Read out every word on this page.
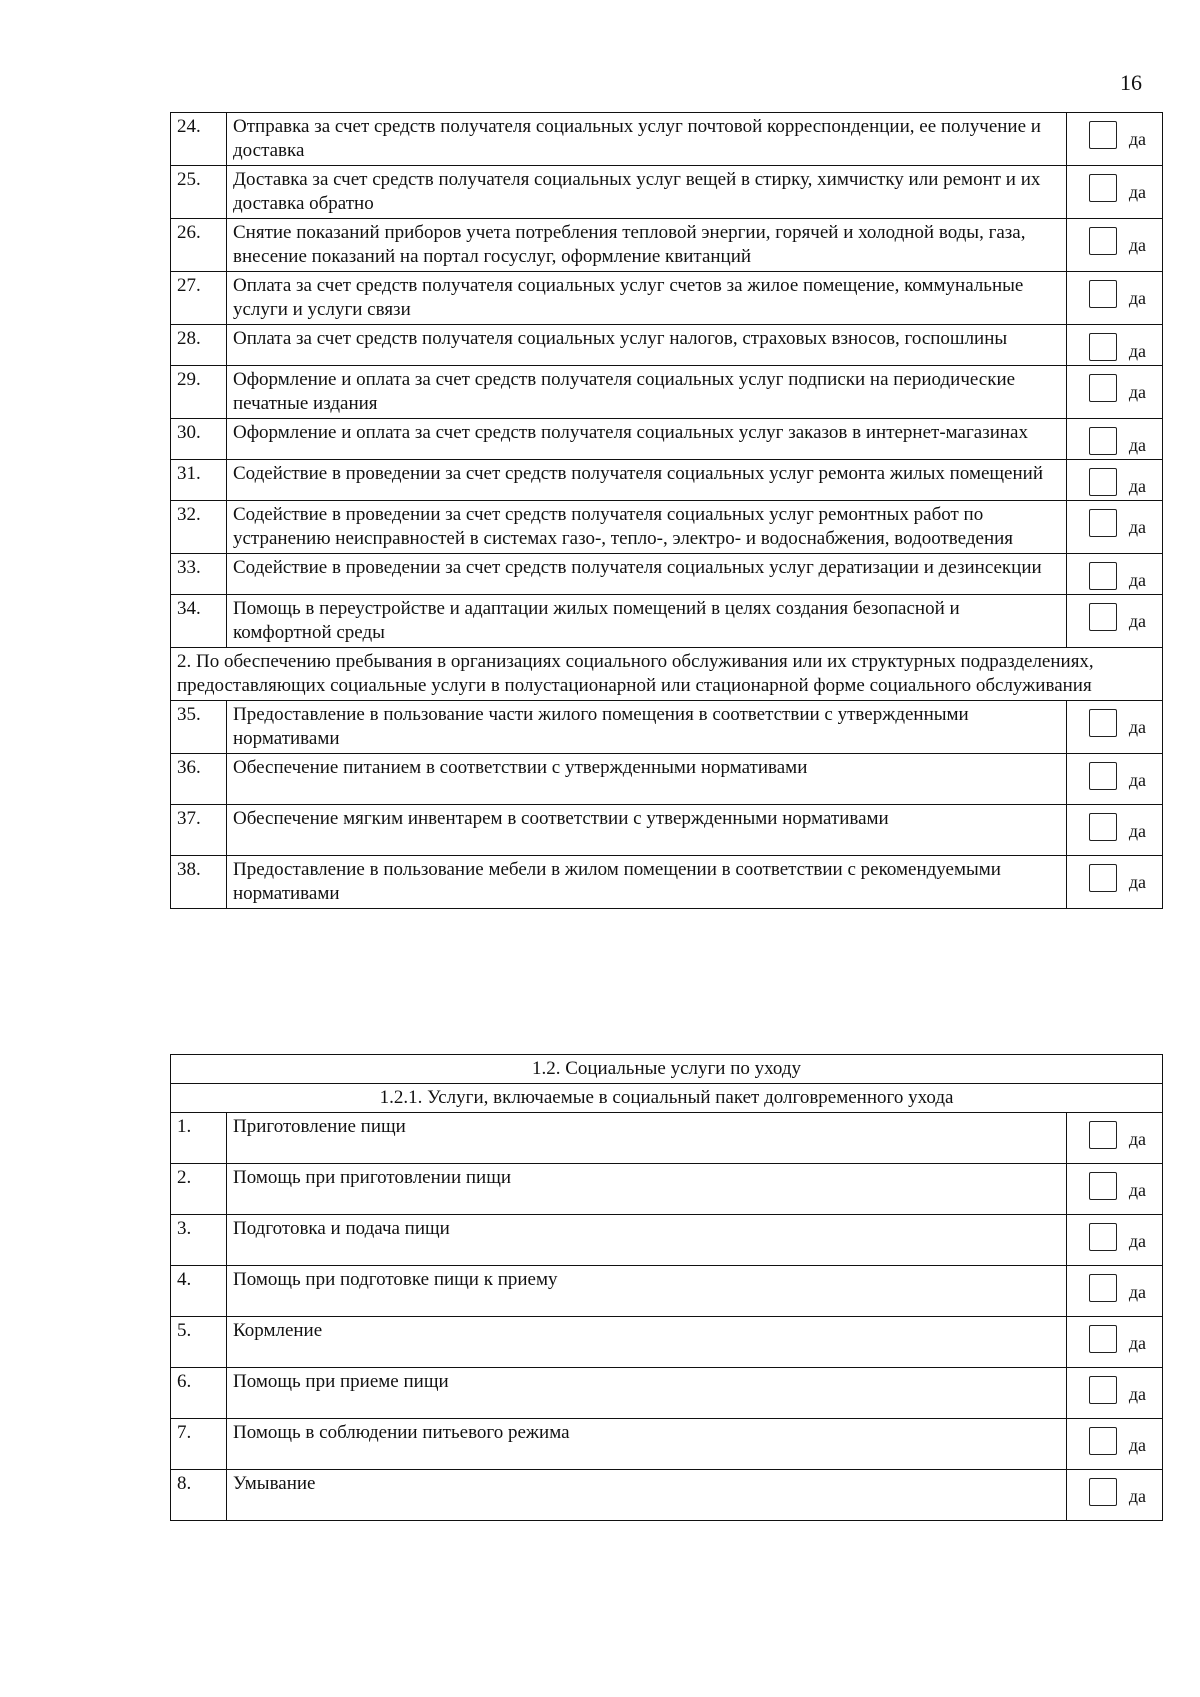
16
24.	Отправка за счет средств получателя социальных услуг почтовой корреспонденции, ее получение и доставка	да

25.	Доставка за счет средств получателя социальных услуг вещей в стирку, химчистку или ремонт и их доставка обратно	да

26.	Снятие показаний приборов учета потребления тепловой энергии, горячей и холодной воды, газа, внесение показаний на портал госуслуг, оформление квитанций	да

27.	Оплата за счет средств получателя социальных услуг счетов за жилое помещение, коммунальные услуги и услуги связи	да

28.	Оплата за счет средств получателя социальных услуг налогов, страховых взносов, госпошлины	да

29.	Оформление и оплата за счет средств получателя социальных услуг подписки на периодические печатные издания	да

30.	Оформление и оплата за счет средств получателя социальных услуг заказов в интернет-магазинах	да

31.	Содействие в проведении за счет средств получателя социальных услуг ремонта жилых помещений	да

32.	Содействие в проведении за счет средств получателя социальных услуг ремонтных работ по устранению неисправностей в системах газо-, тепло-, электро- и водоснабжения, водоотведения	да

33.	Содействие в проведении за счет средств получателя социальных услуг дератизации и дезинсекции	да

34.	Помощь в переустройстве и адаптации жилых помещений в целях создания безопасной и комфортной среды	да

2. По обеспечению пребывания в организациях социального обслуживания или их структурных подразделениях, предоставляющих социальные услуги в полустационарной или стационарной форме социального обслуживания		
35.	Предоставление в пользование части жилого помещения в соответствии с утвержденными нормативами	да

36.	Обеспечение питанием в соответствии с утвержденными нормативами	да

37.	Обеспечение мягким инвентарем в соответствии с утвержденными нормативами	да

38.	Предоставление в пользование мебели в жилом помещении в соответствии с рекомендуемыми нормативами	да
1.2. Социальные услуги по уходу		
1.2.1. Услуги, включаемые в социальный пакет долговременного ухода		
1.	Приготовление пищи	да

2.	Помощь при приготовлении пищи	да

3.	Подготовка и подача пищи	да

4.	Помощь при подготовке пищи к приему	да

5.	Кормление	да

6.	Помощь при приеме пищи	да

7.	Помощь в соблюдении питьевого режима	да

8.	Умывание	да
